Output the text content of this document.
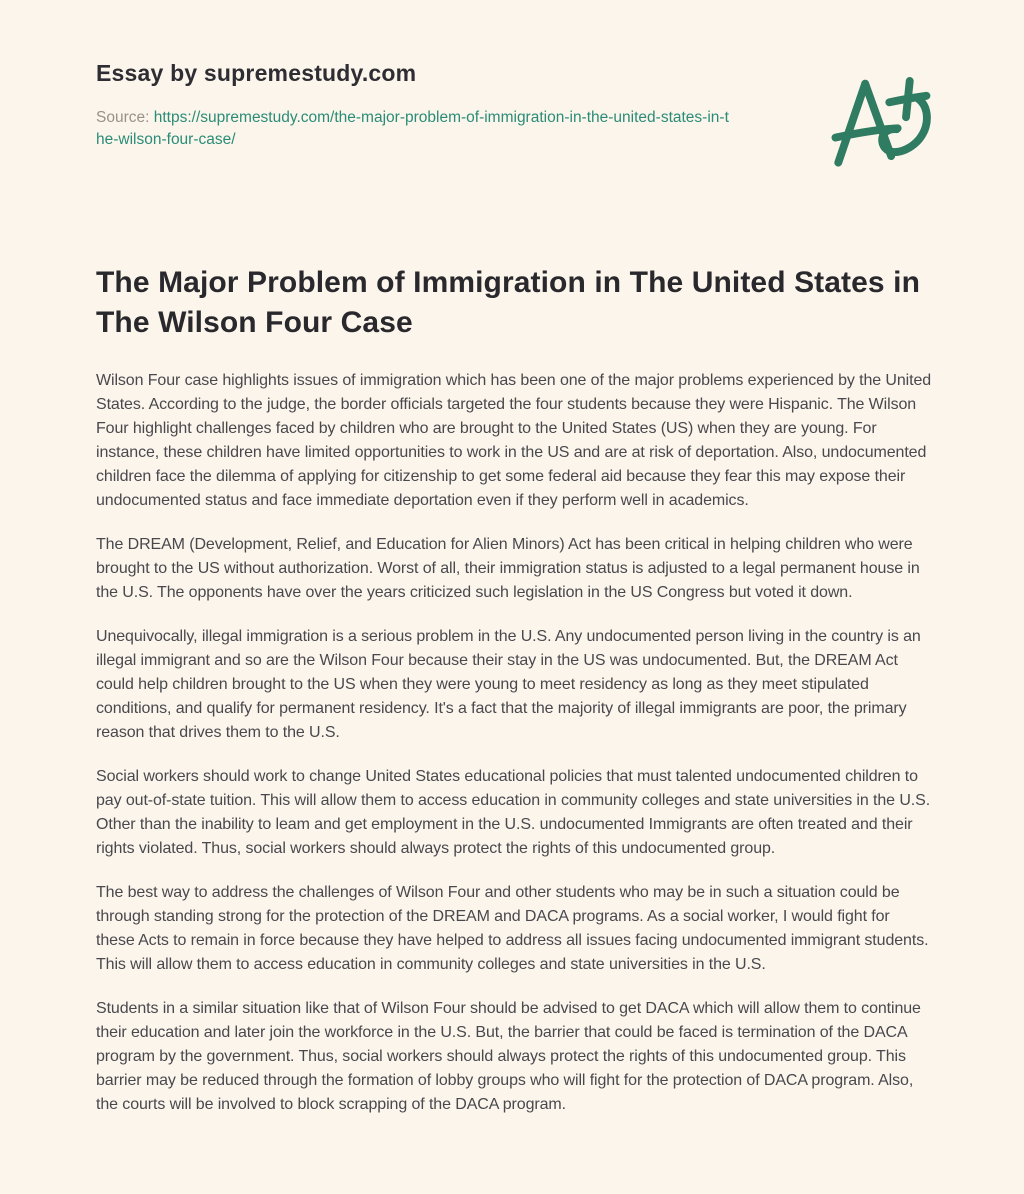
Essay by supremestudy.com

Source: https://supremestudy.com/the-major-problem-of-immigration-in-the-united-states-in-the-wilson-four-case/

The Major Problem of Immigration in The United States in The Wilson Four Case

Wilson Four case highlights issues of immigration which has been one of the major problems experienced by the United States. According to the judge, the border officials targeted the four students because they were Hispanic. The Wilson Four highlight challenges faced by children who are brought to the United States (US) when they are young. For instance, these children have limited opportunities to work in the US and are at risk of deportation. Also, undocumented children face the dilemma of applying for citizenship to get some federal aid because they fear this may expose their undocumented status and face immediate deportation even if they perform well in academics.

The DREAM (Development, Relief, and Education for Alien Minors) Act has been critical in helping children who were brought to the US without authorization. Worst of all, their immigration status is adjusted to a legal permanent house in the U.S. The opponents have over the years criticized such legislation in the US Congress but voted it down.

Unequivocally, illegal immigration is a serious problem in the U.S. Any undocumented person living in the country is an illegal immigrant and so are the Wilson Four because their stay in the US was undocumented. But, the DREAM Act could help children brought to the US when they were young to meet residency as long as they meet stipulated conditions, and qualify for permanent residency. It's a fact that the majority of illegal immigrants are poor, the primary reason that drives them to the U.S.

Social workers should work to change United States educational policies that must talented undocumented children to pay out-of-state tuition. This will allow them to access education in community colleges and state universities in the U.S. Other than the inability to leam and get employment in the U.S. undocumented Immigrants are often treated and their rights violated. Thus, social workers should always protect the rights of this undocumented group.

The best way to address the challenges of Wilson Four and other students who may be in such a situation could be through standing strong for the protection of the DREAM and DACA programs. As a social worker, I would fight for these Acts to remain in force because they have helped to address all issues facing undocumented immigrant students. This will allow them to access education in community colleges and state universities in the U.S.

Students in a similar situation like that of Wilson Four should be advised to get DACA which will allow them to continue their education and later join the workforce in the U.S. But, the barrier that could be faced is termination of the DACA program by the government. Thus, social workers should always protect the rights of this undocumented group. This barrier may be reduced through the formation of lobby groups who will fight for the protection of DACA program. Also, the courts will be involved to block scrapping of the DACA program.
